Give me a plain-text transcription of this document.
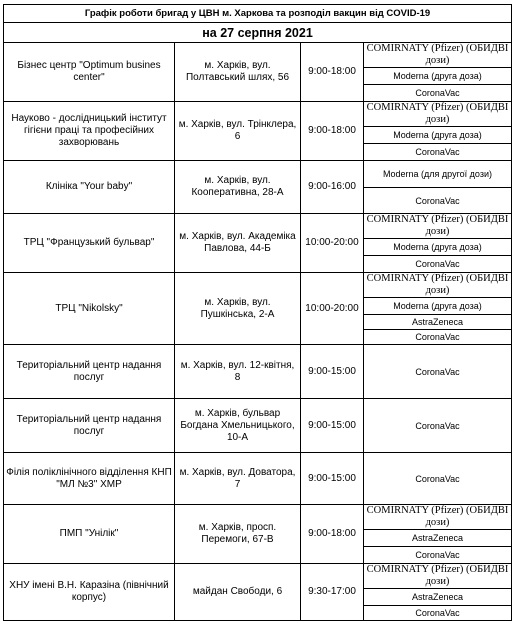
Графік роботи бригад у ЦВН м. Харкова та розподіл вакцин від COVID-19			
на 27 серпня 2021			
Бізнес центр "Optimum busines center"	м. Харків, вул. Полтавський шлях, 56	9:00-18:00	COMIRNATY (Pfizer) (ОБИДВІ дози)
			Moderna (друга доза)
			CoronaVac
Науково - дослідницький інститут гігієни праці та професійних захворювань	м. Харків, вул. Трінклера, 6	9:00-18:00	COMIRNATY (Pfizer) (ОБИДВІ дози)
			Moderna (друга доза)
			CoronaVac
Клініка "Your baby"	м. Харків, вул. Кооперативна, 28-А	9:00-16:00	Moderna (для другої дози)
			CoronaVac
ТРЦ "Французький бульвар"	м. Харків, вул. Академіка Павлова, 44-Б	10:00-20:00	COMIRNATY (Pfizer) (ОБИДВІ дози)
			Moderna (друга доза)
			CoronaVac
ТРЦ "Nikolsky"	м. Харків, вул. Пушкінська, 2-А	10:00-20:00	COMIRNATY (Pfizer) (ОБИДВІ дози)
			Moderna (друга доза)
			AstraZeneca
			CoronaVac
Територіальний центр надання послуг	м. Харків, вул. 12-квітня, 8	9:00-15:00	CoronaVac
Територіальний центр надання послуг	м. Харків, бульвар Богдана Хмельницького, 10-А	9:00-15:00	CoronaVac
Філія поліклінічного відділення КНП "МЛ №3" ХМР	м. Харків, вул. Доватора, 7	9:00-15:00	CoronaVac
ПМП "Унілік"	м. Харків, просп. Перемоги, 67-В	9:00-18:00	COMIRNATY (Pfizer) (ОБИДВІ дози)
			AstraZeneca
			CoronaVac
ХНУ імені В.Н. Каразіна (північний корпус)	майдан Свободи, 6	9:30-17:00	COMIRNATY (Pfizer) (ОБИДВІ дози)
			AstraZeneca
			CoronaVac
